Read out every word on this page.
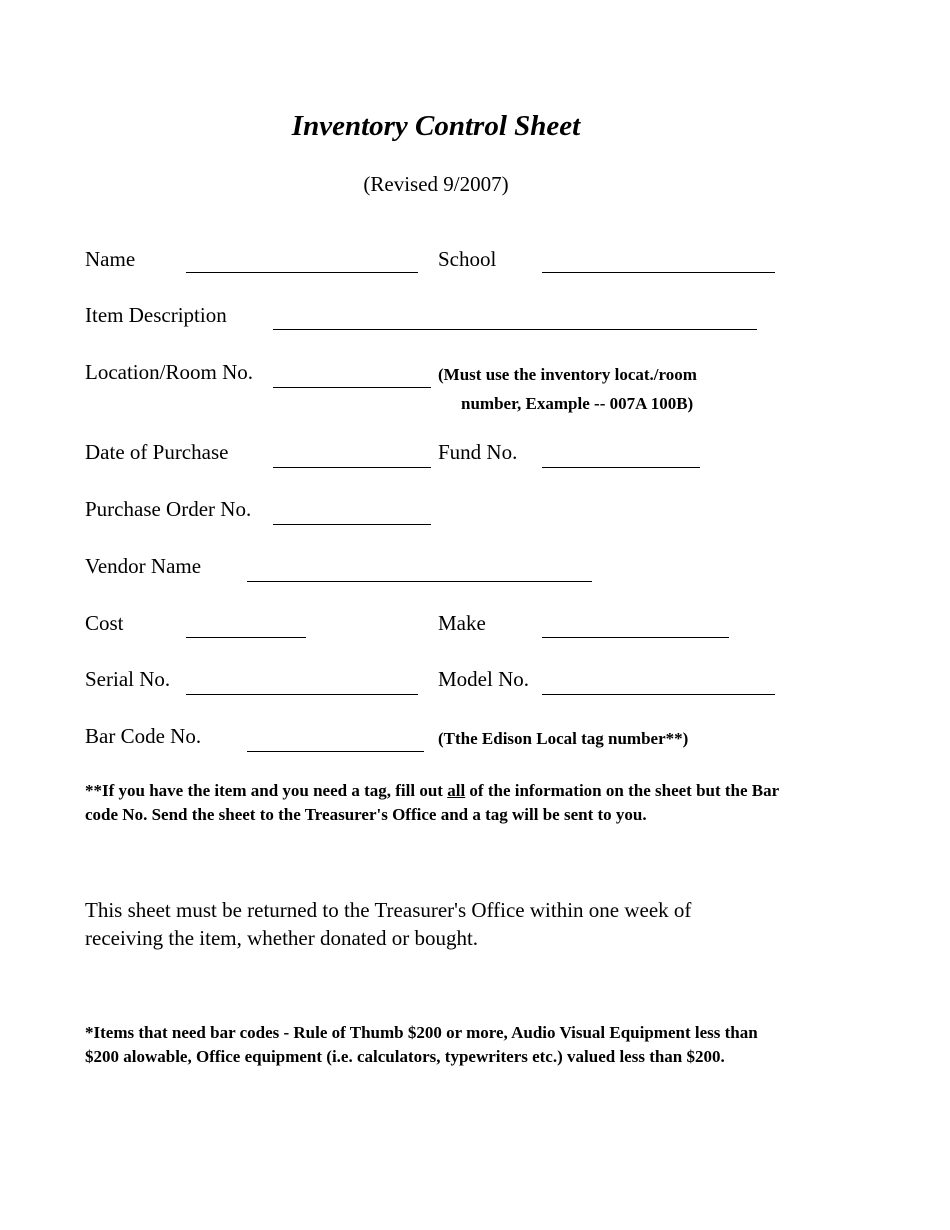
Inventory Control Sheet
(Revised 9/2007)
Name	School
Item Description
Location/Room No.	(Must use the inventory locat./room
number, Example -- 007A 100B)
Date of Purchase	Fund No.
Purchase Order No.
Vendor Name
Cost	Make
Serial No.	Model No.
Bar Code No.	(Tthe Edison Local tag number**)
**If you have the item and you need a tag, fill out all of the information on the sheet but the Bar code No. Send the sheet to the Treasurer's Office and a tag will be sent to you.
This sheet must be returned to the Treasurer's Office within one week of receiving the item, whether donated or bought.
*Items that need bar codes - Rule of Thumb $200 or more, Audio Visual Equipment less than $200 alowable, Office equipment (i.e. calculators, typewriters etc.) valued less than $200.
